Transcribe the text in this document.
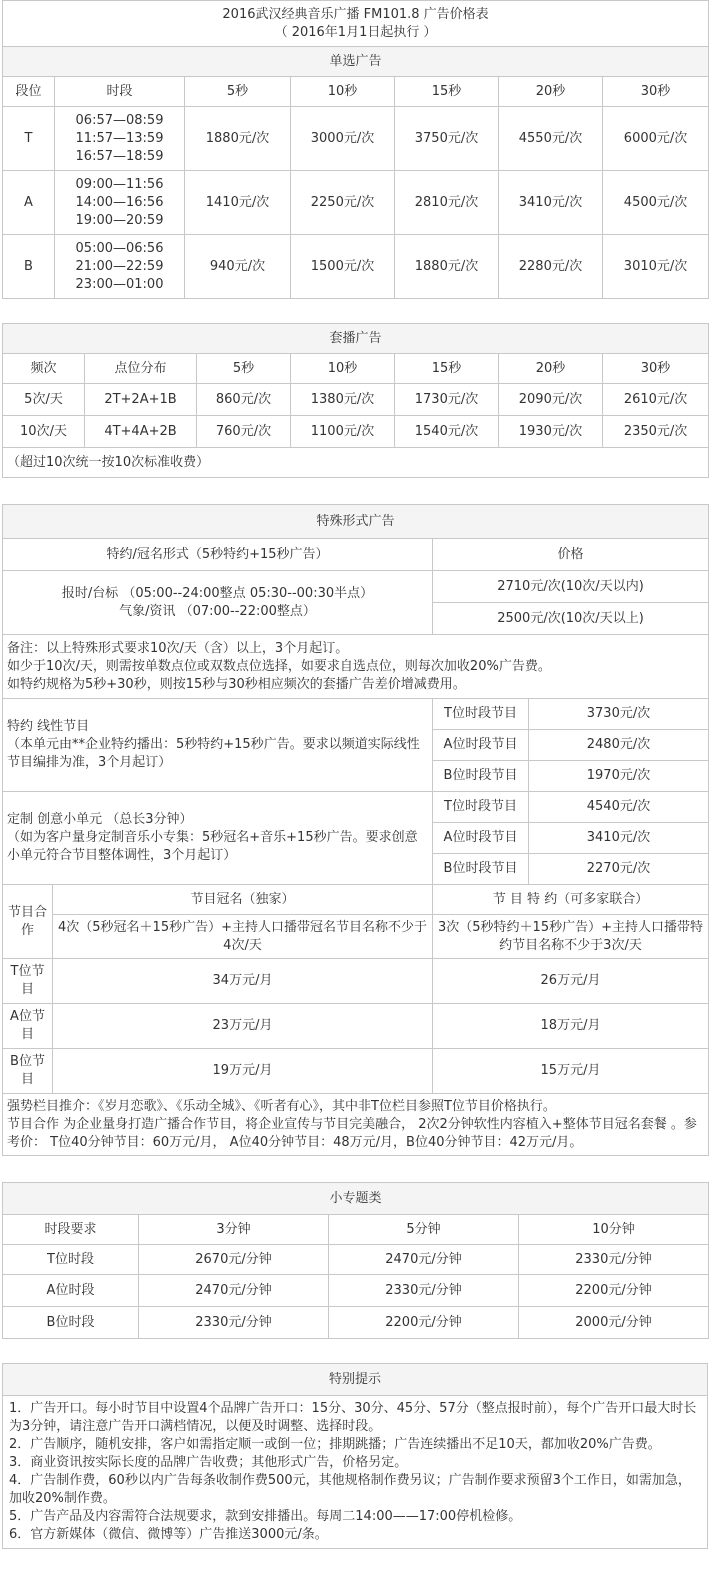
2016武汉经典音乐广播 FM101.8 广告价格表
（ 2016年1月1日起执行 ）						

单选广告						
段位	时段	5秒	10秒	15秒	20秒	30秒
T	06:57—08:59
11:57—13:59
16:57—18:59	1880元/次	3000元/次	3750元/次	4550元/次	6000元/次
A	09:00—11:56
14:00—16:56
19:00—20:59	1410元/次	2250元/次	2810元/次	3410元/次	4500元/次
B	05:00—06:56
21:00—22:59
23:00—01:00	940元/次	1500元/次	1880元/次	2280元/次	3010元/次
套播广告						
频次	点位分布	5秒	10秒	15秒	20秒	30秒
5次/天	2T+2A+1B	860元/次	1380元/次	1730元/次	2090元/次	2610元/次
10次/天	4T+4A+2B	760元/次	1100元/次	1540元/次	1930元/次	2350元/次
（超过10次统一按10次标准收费）						
特殊形式广告			
特约/冠名形式（5秒特约+15秒广告）		价格	

报时/台标 （05:00--24:00整点 05:30--00:30半点）
气象/资讯 （07:00--22:00整点）		2710元/次(10次/天以内)	
		2500元/次(10次/天以上)	

备注：以上特殊形式要求10次/天（含）以上，3个月起订。
如少于10次/天，则需按单数点位或双数点位选择，如要求自选点位，则每次加收20%广告费。
如特约规格为5秒+30秒，则按15秒与30秒相应频次的套播广告差价增减费用。			

特约 线性节目
（本单元由**企业特约播出：5秒特约+15秒广告。要求以频道实际线性节目编排为准，3个月起订）		T位时段节目	3730元/次
		A位时段节目	2480元/次
		B位时段节目	1970元/次

定制 创意小单元 （总长3分钟）
（如为客户量身定制音乐小专集：5秒冠名+音乐+15秒广告。要求创意小单元符合节目整体调性，3个月起订）		T位时段节目	4540元/次
		A位时段节目	3410元/次
		B位时段节目	2270元/次
节目合作	节目冠名（独家）	节 目 特 约（可多家联合）	
	4次（5秒冠名＋15秒广告）+主持人口播带冠名节目名称不少于4次/天	3次（5秒特约＋15秒广告）+主持人口播带特约节目名称不少于3次/天	
T位节目	34万元/月	26万元/月	
A位节目	23万元/月	18万元/月	
B位节目	19万元/月	15万元/月	

强势栏目推介：《岁月恋歌》、《乐动全城》、《听者有心》，其中非T位栏目参照T位节目价格执行。
节目合作 为企业量身打造广播合作节目，将企业宣传与节目完美融合， 2次2分钟软性内容植入+整体节目冠名套餐 。参考价： T位40分钟节目：60万元/月， A位40分钟节目：48万元/月，B位40分钟节目：42万元/月。			
小专题类			
时段要求	3分钟	5分钟	10分钟
T位时段	2670元/分钟	2470元/分钟	2330元/分钟
A位时段	2470元/分钟	2330元/分钟	2200元/分钟
B位时段	2330元/分钟	2200元/分钟	2000元/分钟
特别提示

1．广告开口。每小时节目中设置4个品牌广告开口：15分、30分、45分、57分（整点报时前），每个广告开口最大时长为3分钟，请注意广告开口满档情况，以便及时调整、选择时段。
2．广告顺序，随机安排，客户如需指定顺一或倒一位；排期跳播；广告连续播出不足10天，都加收20%广告费。
3．商业资讯按实际长度的品牌广告收费；其他形式广告，价格另定。
4．广告制作费，60秒以内广告每条收制作费500元，其他规格制作费另议；广告制作要求预留3个工作日，如需加急，加收20%制作费。
5．广告产品及内容需符合法规要求，款到安排播出。每周二14:00——17:00停机检修。
6．官方新媒体（微信、微博等）广告推送3000元/条。
